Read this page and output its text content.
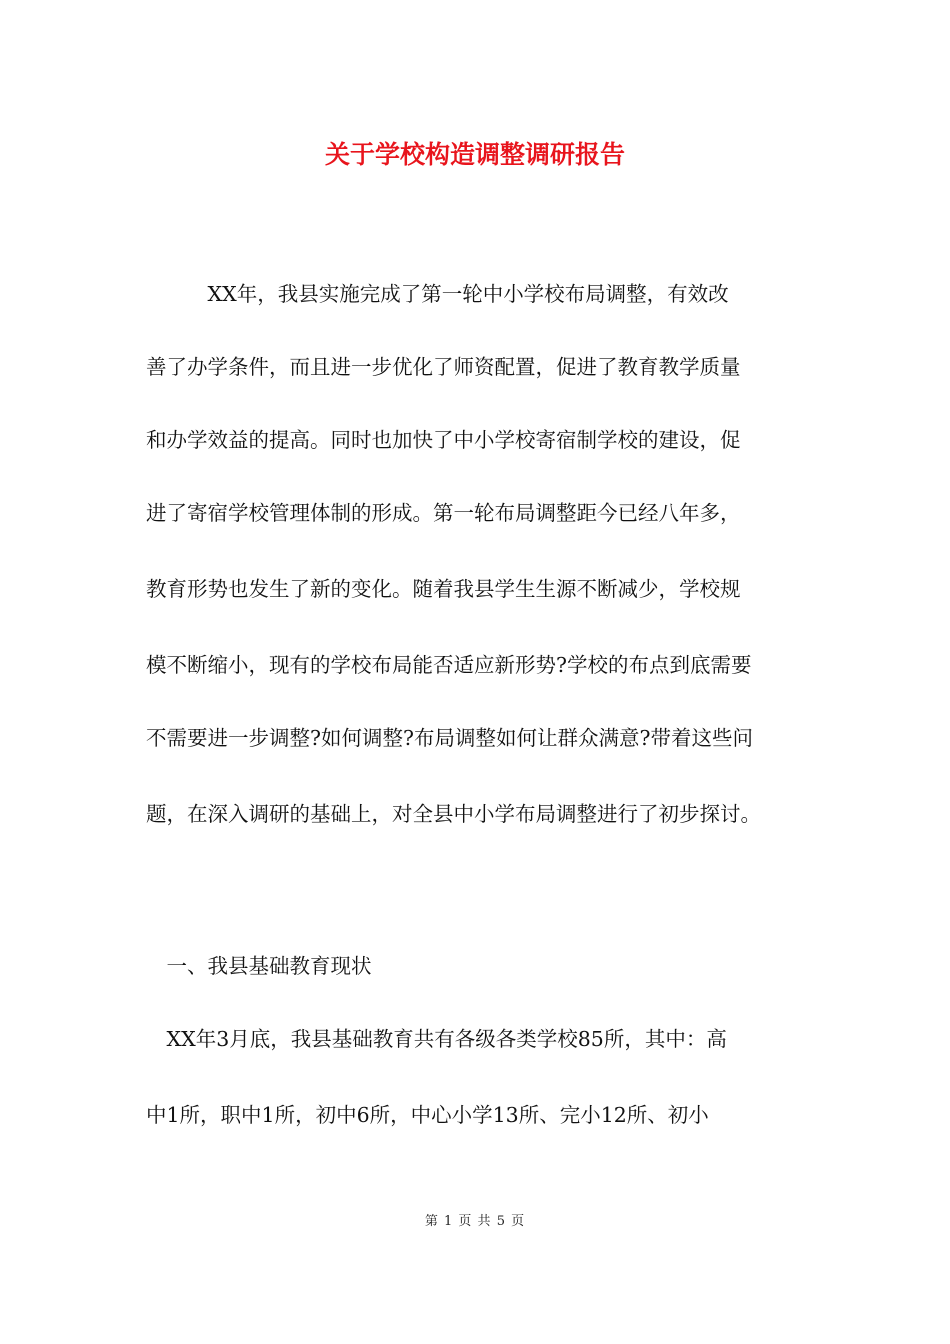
关于学校构造调整调研报告
　　　XX年，我县实施完成了第一轮中小学校布局调整，有效改
善了办学条件，而且进一步优化了师资配置，促进了教育教学质量
和办学效益的提高。同时也加快了中小学校寄宿制学校的建设，促
进了寄宿学校管理体制的形成。第一轮布局调整距今已经八年多，
教育形势也发生了新的变化。随着我县学生生源不断减少，学校规
模不断缩小，现有的学校布局能否适应新形势?学校的布点到底需要
不需要进一步调整?如何调整?布局调整如何让群众满意?带着这些问
题，在深入调研的基础上，对全县中小学布局调整进行了初步探讨。
　一、我县基础教育现状
　XX年3月底，我县基础教育共有各级各类学校85所，其中：高
中1所，职中1所，初中6所，中心小学13所、完小12所、初小
第 1 页 共 5 页
